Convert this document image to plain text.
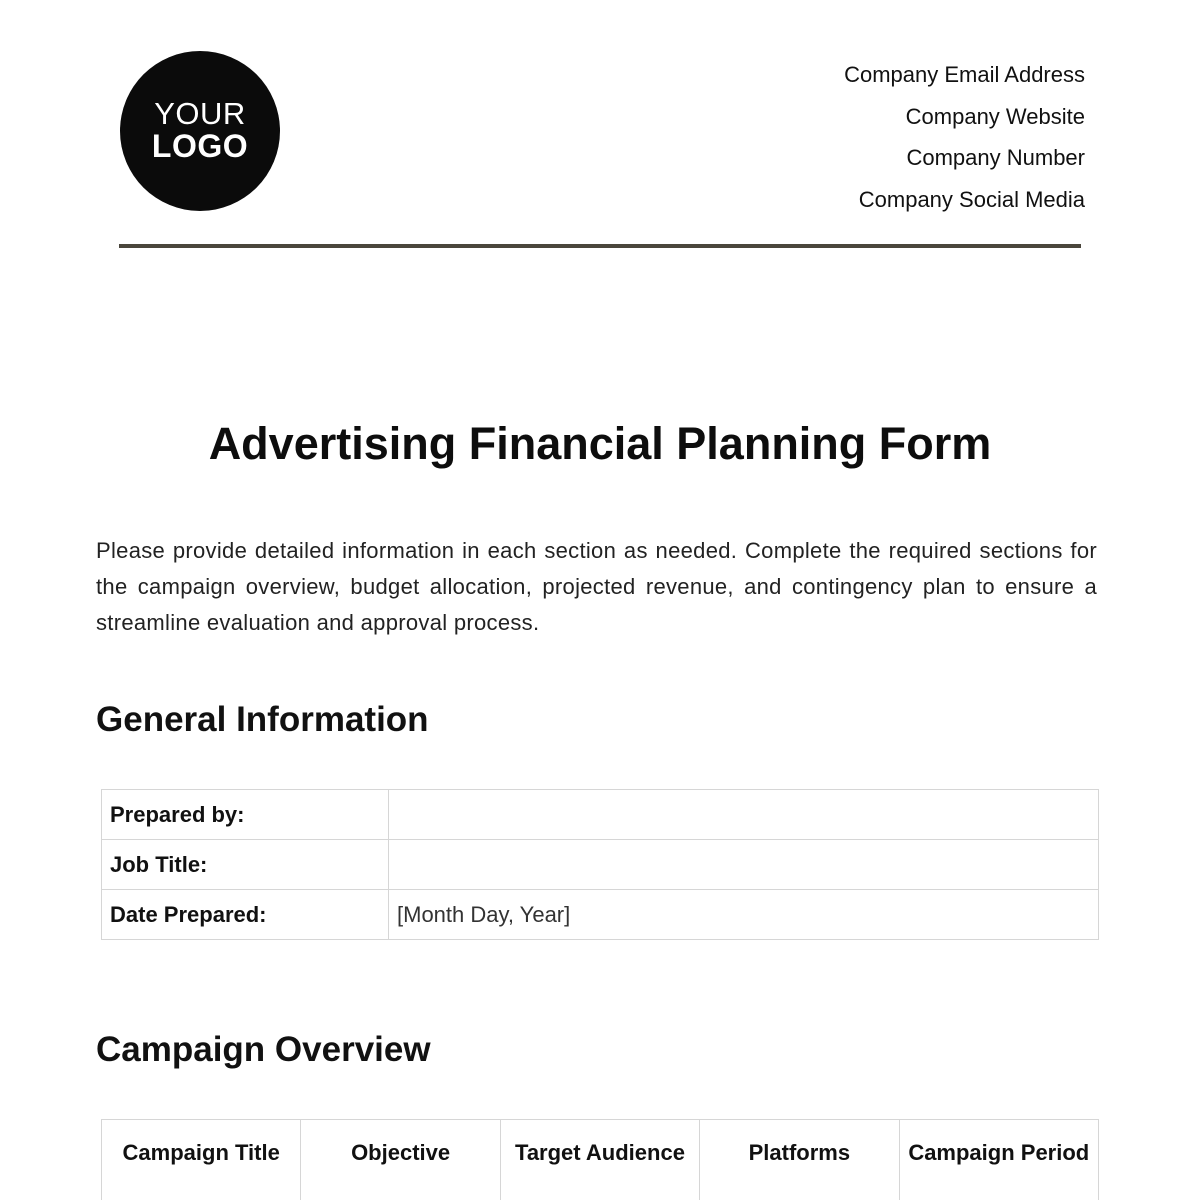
YOUR
LOGO
Company Email Address
Company Website
Company Number
Company Social Media
Advertising Financial Planning Form
Please provide detailed information in each section as needed. Complete the required sections for the campaign overview, budget allocation, projected revenue, and contingency plan to ensure a streamline evaluation and approval process.
General Information
Prepared by:	
Job Title:	
Date Prepared:	[Month Day, Year]
Campaign Overview
Campaign Title	Objective	Target Audience	Platforms	Campaign Period
